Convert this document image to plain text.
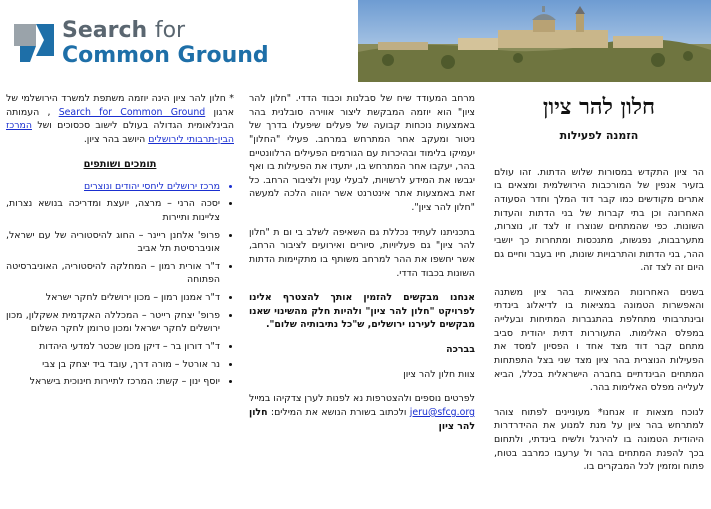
Search for
Common Ground
חלון להר ציון
הזמנה לפעילות

הר ציון התקדש במסורות שלוש הדתות. זהו עולם בזעיר אנפין של המורכבות הירושלמית ומצאים בו אתרים מקודשים כמו קבר דוד המלך וחדר הסעודה האחרונה וכן בתי קברות של בני הדתות והעדות השונות. כפי שהמתחים שנוצרו זו לצד זו, נוצרות, מתערבבות, נפגשות, מתנכסות ומתחרות כך יושבי ההר, בני הדתות והתרבויות שונות, חיו בעבר וחיים גם היום זה לצד זה.

בשנים האחרונות המצאיות בהר ציון משתנה והאפשרות הטמונה במציאות בו לדיאלוג בינדתי ובינתרבותי מתחלפת בהתגברות המתיחות ובעלייה במפלס האלימות. התעוררות דתית יהודית סביב מתחם קבר דוד מצד אחד ו הפסיון למסד את הפעילות הנוצרית בהר ציון מצד שני בצל התפתחות המתחים הבינדתיים בחברה הישראלית בכלל, הביא לעלייה מפלס האלימות בהר.

לנוכח מצאות זו אנחנו* מעוניינים לפתוח צוהר למתרחש בהר ציון על מנת למנוע את ההידרדרות היהודית הטמונה בו להירגל ולשיח בינדתי, ולתחום בכך להפנת המתחים בהר ול ערעבו כמרבב בטוח, פתוח ומזמין לכל המבקרים בו.

מרחב המעודד שיח של סבלנות וכבוד הדדי. "חלון להר ציון" הוא יוזמה המבקשת ליצור אווירה סובלנית בהר באמצעות נוכחות קבועה של פעלים שיפעלו בדרך של ניטור ומעקב אחר המתרחש במרחב. פעילי "החלון" יעמיקו בלימוד ובהיכרות עם הגורמים הפעילים הרלוונטיים בהר, יעקבו אחר המתרחש בו, יתעדו את הפעילות בו ואף יגבשו את המידע לרשויות, לבעלי עניין ולציבור הרחב. כל זאת באמצעות אתר אינטרנט אשר יהווה הלכה למעשה "חלון להר ציון".

בתכניתנו לעתיד נכללת גם השאיפה לשלב בי ום ת "חלון להר ציון" גם פעליויות, סיורים ואירועים לציבור הרחב, אשר יחשפו את ההר למרחב משותף בו מתקיימות הדתות השונות בכבוד הדדי.

אנחנו מבקשים להזמין אותך להצטרף אלינו לפרויקט "חלון להר ציון" ולהיות חלק מהשינוי שאנו מבקשים לעירנו ירושלים, ש"כל נתיבותיה שלום".

בברכה

צוות חלון להר ציון

לפרטים נוספים ולהצטרפות נא לפנות לערן צדקיהו במייל jeru@sfcg.org ולכתוב בשורת הנושא את המילים: חלון להר ציון

* חלון להר ציון הינה יוזמה משתפת למשרד הירושלמי של ארגון Search for Common Ground , העמותה הבינלאומית הגדולה בעולם לישוב סכסוכים ושל המרכז הבין-תרבותי לירושלים היושב בהר ציון.

תומכים ושותפים
• מרכז ירושלים ליחסי יהודים ונוצרים
• יסכה הרני – מרצה, יועצת ומדריכה בנושא נצרות, צליינות ותיירות
• פרופ' אלחנן ריינר – החוג להיסטוריה של עם ישראל, אוניברסיטת תל אביב
• ד"ר אורית רמון – המחלקה להיסטוריה, האוניברסיטה הפתוחה
• ד"ר אמנון רמון – מכון ירושלים לחקר ישראל
• פרופ' יצחק רייטר – המכללה האקדמית אשקלון, מכון ירושלים לחקר ישראל ומכון טרומן לחקר השלום
• ד"ר דורון בר – דיקן מכון שכטר למדעי היהדות
• נר אורטל – מורה דרך, עובד ביד יצחק בן צבי
• יוסף ינון – קשת: המרכז לתיירות חינוכית בישראל
